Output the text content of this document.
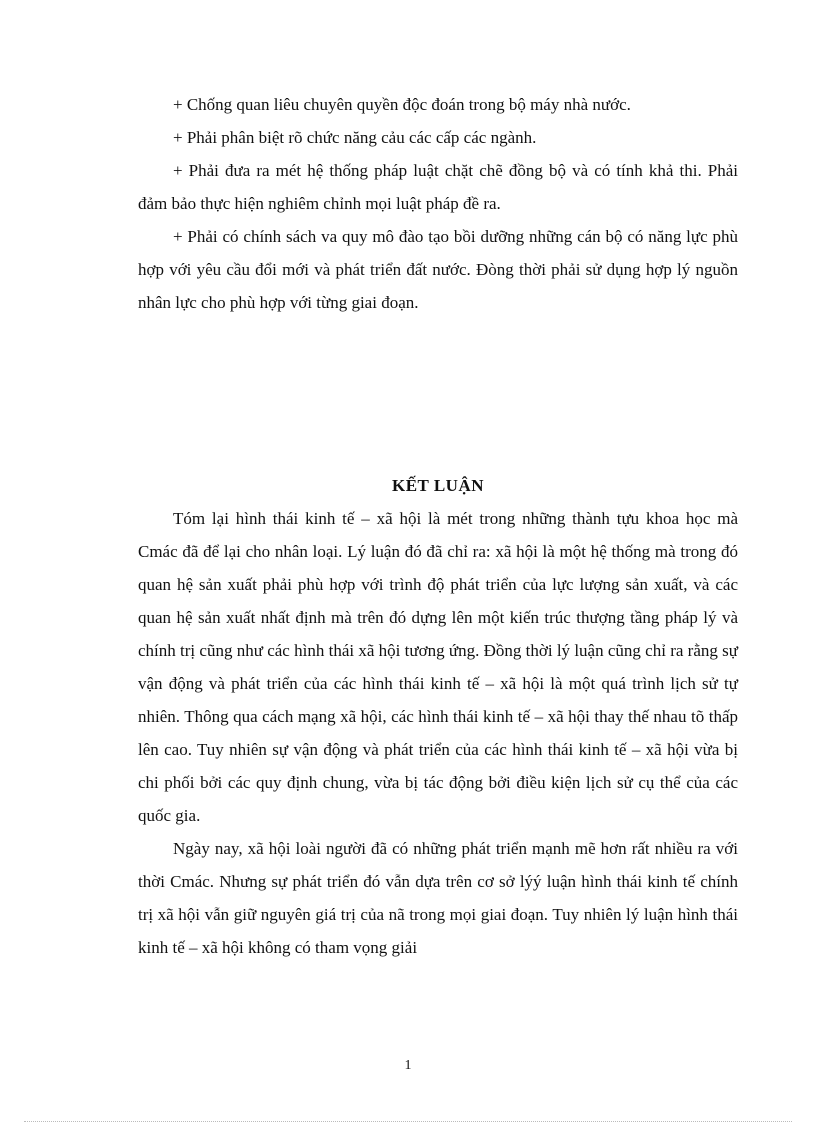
+ Chống quan liêu chuyên quyền độc đoán trong bộ máy nhà nước.

+ Phải phân biệt rõ chức năng cảu các cấp các ngành.

+ Phải đưa ra mét hệ thống pháp luật chặt chẽ đồng bộ và có tính khả thi. Phải đảm bảo thực hiện nghiêm chỉnh mọi luật pháp đề ra.

+ Phải có chính sách va quy mô đào tạo bồi dưỡng những cán bộ có năng lực phù hợp với yêu cầu đổi mới và phát triển đất nước. Đòng thời phải sử dụng hợp lý nguồn nhân lực cho phù hợp với từng giai đoạn.

KẾT LUẬN

Tóm lại hình thái kinh tế – xã hội là mét trong những thành tựu khoa học mà Cmác đã để lại cho nhân loại. Lý luận đó đã chỉ ra: xã hội là một hệ thống mà trong đó quan hệ sản xuất phải phù hợp với trình độ phát triển của lực lượng sản xuất, và các quan hệ sản xuất nhất định mà trên đó dựng lên một kiến trúc thượng tầng pháp lý và chính trị cũng như các hình thái xã hội tương ứng. Đồng thời lý luận cũng chỉ ra rằng sự vận động và phát triển của các hình thái kinh tế – xã hội là một quá trình lịch sử tự nhiên. Thông qua cách mạng xã hội, các hình thái kinh tế – xã hội thay thế nhau tõ thấp lên cao. Tuy nhiên sự vận động và phát triển của các hình thái kinh tế – xã hội vừa bị chi phối bởi các quy định chung, vừa bị tác động bởi điều kiện lịch sử cụ thể của các quốc gia.

Ngày nay, xã hội loài người đã có những phát triển mạnh mẽ hơn rất nhiều ra với thời Cmác. Nhưng sự phát triển đó vẫn dựa trên cơ sở lýý luận hình thái kinh tế chính trị xã hội vẫn giữ nguyên giá trị của nã trong mọi giai đoạn. Tuy nhiên lý luận hình thái kinh tế – xã hội không có tham vọng giải

1
